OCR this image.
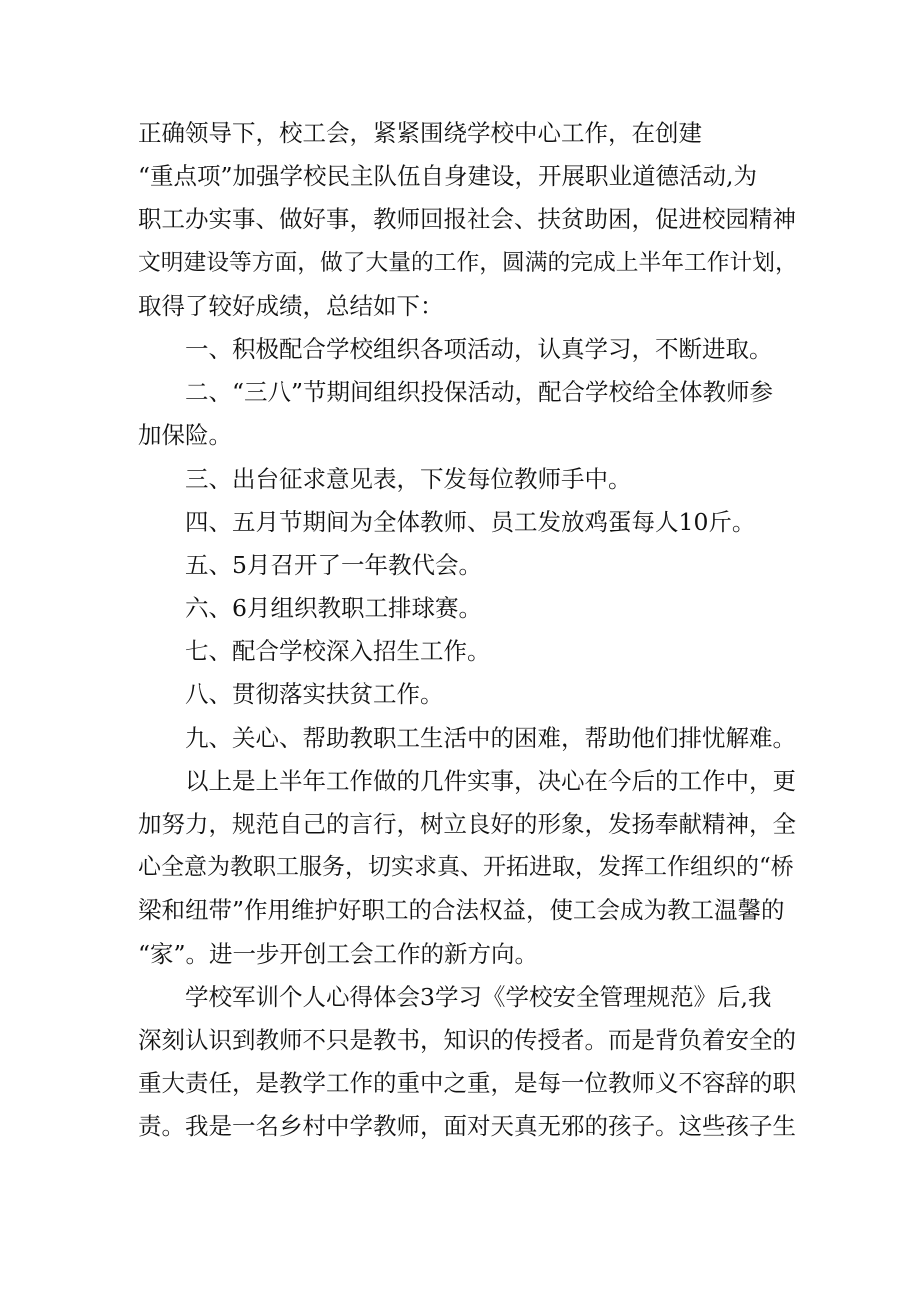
正确领导下，校工会，紧紧围绕学校中心工作，在创建

“重点项”加强学校民主队伍自身建设，开展职业道德活动,为

职工办实事、做好事，教师回报社会、扶贫助困，促进校园精神

文明建设等方面，做了大量的工作，圆满的完成上半年工作计划，

取得了较好成绩，总结如下：

一、积极配合学校组织各项活动，认真学习，不断进取。

二、“三八”节期间组织投保活动，配合学校给全体教师参

加保险。

三、出台征求意见表，下发每位教师手中。

四、五月节期间为全体教师、员工发放鸡蛋每人10斤。

五、5月召开了一年教代会。

六、6月组织教职工排球赛。

七、配合学校深入招生工作。

八、贯彻落实扶贫工作。

九、关心、帮助教职工生活中的困难，帮助他们排忧解难。

以上是上半年工作做的几件实事，决心在今后的工作中，更

加努力，规范自己的言行，树立良好的形象，发扬奉献精神，全

心全意为教职工服务，切实求真、开拓进取，发挥工作组织的“桥

梁和纽带”作用维护好职工的合法权益，使工会成为教工温馨的

“家”。进一步开创工会工作的新方向。

学校军训个人心得体会3学习《学校安全管理规范》后,我

深刻认识到教师不只是教书，知识的传授者。而是背负着安全的

重大责任，是教学工作的重中之重，是每一位教师义不容辞的职

责。我是一名乡村中学教师，面对天真无邪的孩子。这些孩子生
